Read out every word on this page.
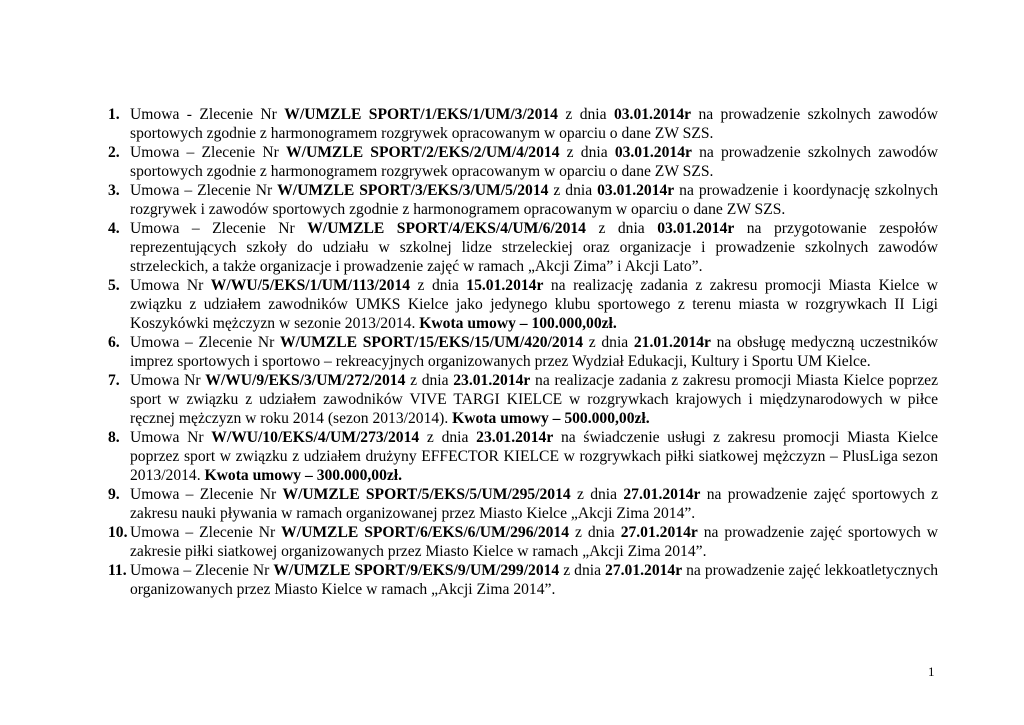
1. Umowa - Zlecenie Nr W/UMZLE SPORT/1/EKS/1/UM/3/2014 z dnia 03.01.2014r na prowadzenie szkolnych zawodów sportowych zgodnie z harmonogramem rozgrywek opracowanym w oparciu o dane ZW SZS.
2. Umowa – Zlecenie Nr W/UMZLE SPORT/2/EKS/2/UM/4/2014 z dnia 03.01.2014r na prowadzenie szkolnych zawodów sportowych zgodnie z harmonogramem rozgrywek opracowanym w oparciu o dane ZW SZS.
3. Umowa – Zlecenie Nr W/UMZLE SPORT/3/EKS/3/UM/5/2014 z dnia 03.01.2014r na prowadzenie i koordynację szkolnych rozgrywek i zawodów sportowych zgodnie z harmonogramem opracowanym w oparciu o dane ZW SZS.
4. Umowa – Zlecenie Nr W/UMZLE SPORT/4/EKS/4/UM/6/2014 z dnia 03.01.2014r na przygotowanie zespołów reprezentujących szkoły do udziału w szkolnej lidze strzeleckiej oraz organizacje i prowadzenie szkolnych zawodów strzeleckich, a także organizacje i prowadzenie zajęć w ramach „Akcji Zima” i Akcji Lato”.
5. Umowa Nr W/WU/5/EKS/1/UM/113/2014 z dnia 15.01.2014r na realizację zadania z zakresu promocji Miasta Kielce w związku z udziałem zawodników UMKS Kielce jako jedynego klubu sportowego z terenu miasta w rozgrywkach II Ligi Koszykówki mężczyzn w sezonie 2013/2014. Kwota umowy – 100.000,00zł.
6. Umowa – Zlecenie Nr W/UMZLE SPORT/15/EKS/15/UM/420/2014 z dnia 21.01.2014r na obsługę medyczną uczestników imprez sportowych i sportowo – rekreacyjnych organizowanych przez Wydział Edukacji, Kultury i Sportu UM Kielce.
7. Umowa Nr W/WU/9/EKS/3/UM/272/2014 z dnia 23.01.2014r na realizacje zadania z zakresu promocji Miasta Kielce poprzez sport w związku z udziałem zawodników VIVE TARGI KIELCE w rozgrywkach krajowych i międzynarodowych w piłce ręcznej mężczyzn w roku 2014 (sezon 2013/2014). Kwota umowy – 500.000,00zł.
8. Umowa Nr W/WU/10/EKS/4/UM/273/2014 z dnia 23.01.2014r na świadczenie usługi z zakresu promocji Miasta Kielce poprzez sport w związku z udziałem drużyny EFFECTOR KIELCE w rozgrywkach piłki siatkowej mężczyzn – PlusLiga sezon 2013/2014. Kwota umowy – 300.000,00zł.
9. Umowa – Zlecenie Nr W/UMZLE SPORT/5/EKS/5/UM/295/2014 z dnia 27.01.2014r na prowadzenie zajęć sportowych z zakresu nauki pływania w ramach organizowanej przez Miasto Kielce „Akcji Zima 2014”.
10. Umowa – Zlecenie Nr W/UMZLE SPORT/6/EKS/6/UM/296/2014 z dnia 27.01.2014r na prowadzenie zajęć sportowych w zakresie piłki siatkowej organizowanych przez Miasto Kielce w ramach „Akcji Zima 2014”.
11. Umowa – Zlecenie Nr W/UMZLE SPORT/9/EKS/9/UM/299/2014 z dnia 27.01.2014r na prowadzenie zajęć lekkoatletycznych organizowanych przez Miasto Kielce w ramach „Akcji Zima 2014”.
1
